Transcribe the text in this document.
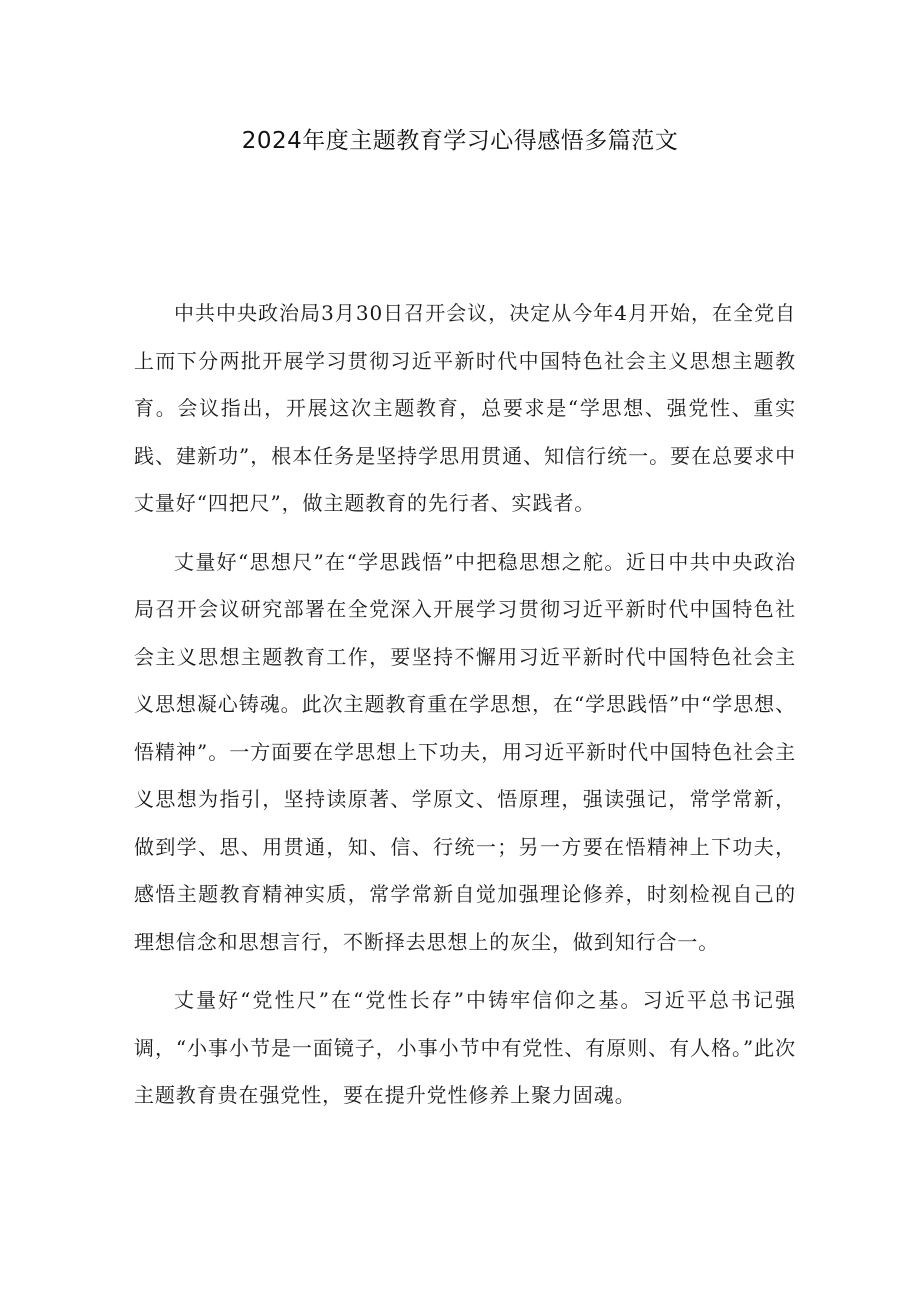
2024年度主题教育学习心得感悟多篇范文

中共中央政治局3月30日召开会议，决定从今年4月开始，在全党自上而下分两批开展学习贯彻习近平新时代中国特色社会主义思想主题教育。会议指出，开展这次主题教育，总要求是“学思想、强党性、重实践、建新功”，根本任务是坚持学思用贯通、知信行统一。要在总要求中丈量好“四把尺”，做主题教育的先行者、实践者。

丈量好“思想尺”在“学思践悟”中把稳思想之舵。近日中共中央政治局召开会议研究部署在全党深入开展学习贯彻习近平新时代中国特色社会主义思想主题教育工作，要坚持不懈用习近平新时代中国特色社会主义思想凝心铸魂。此次主题教育重在学思想，在“学思践悟”中“学思想、悟精神”。一方面要在学思想上下功夫，用习近平新时代中国特色社会主义思想为指引，坚持读原著、学原文、悟原理，强读强记，常学常新，做到学、思、用贯通，知、信、行统一；另一方要在悟精神上下功夫，感悟主题教育精神实质，常学常新自觉加强理论修养，时刻检视自己的理想信念和思想言行，不断择去思想上的灰尘，做到知行合一。

丈量好“党性尺”在“党性长存”中铸牢信仰之基。习近平总书记强调，“小事小节是一面镜子，小事小节中有党性、有原则、有人格。”此次主题教育贵在强党性，要在提升党性修养上聚力固魂。
